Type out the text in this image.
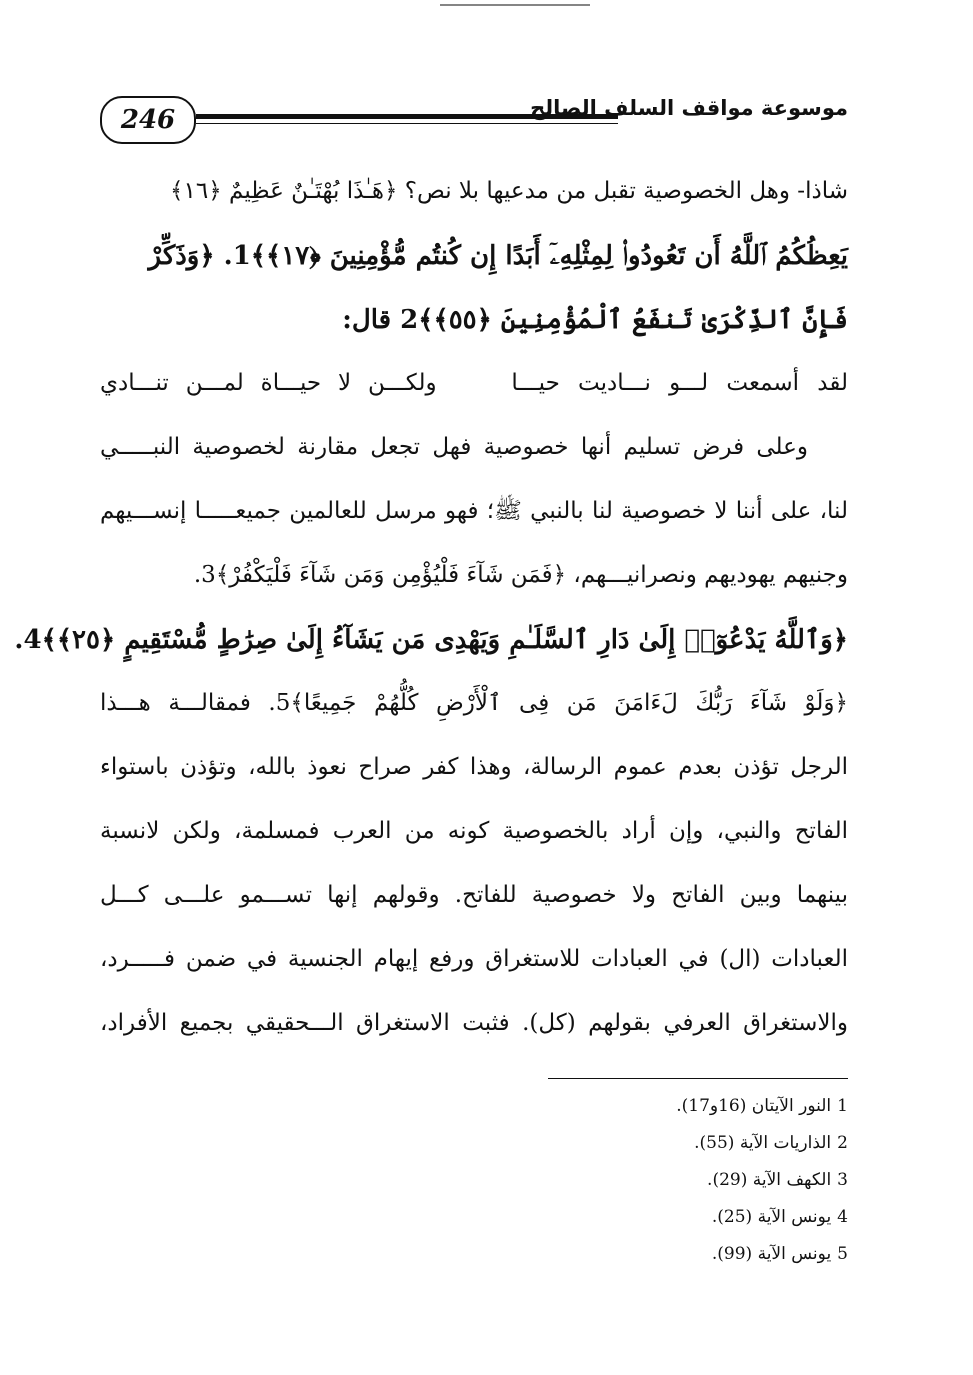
246	موسوعة مواقف السلف الصالح
شاذا- وهل الخصوصية تقبل من مدعيها بلا نص؟ ﴿هَـٰذَا بُهْتَـٰنٌ عَظِيمٌ ﴿١٦﴾
يَعِظُكُمُ ٱللَّهُ أَن تَعُودُوا۟ لِمِثْلِهِۦٓ أَبَدًا إِن كُنتُم مُّؤْمِنِينَ ﴿١٧﴾﴾1. ﴿وَذَكِّرْ
فَإِنَّ ٱلذِّكْرَىٰ تَنفَعُ ٱلْمُؤْمِنِينَ ﴿٥٥﴾﴾2 قال:
لقد أسمعت لـــو نـــاديت حيـــا
ولكـــن لا حيـــاة لمـــن تنـــادي
وعلى فرض تسليم أنها خصوصية فهل تجعل مقارنة لخصوصية النبـــــي
لنا، على أننا لا خصوصية لنا بالنبي ﷺ؛ فهو مرسل للعالمين جميعـــــا إنســـيهم
وجنيهم يهوديهم ونصرانيـــهم، ﴿فَمَن شَآءَ فَلْيُؤْمِن وَمَن شَآءَ فَلْيَكْفُرْ﴾3.
﴿وَٱللَّهُ يَدْعُوٓا۟ إِلَىٰ دَارِ ٱلسَّلَـٰمِ وَيَهْدِى مَن يَشَآءُ إِلَىٰ صِرَٰطٍ مُّسْتَقِيمٍ ﴿٢٥﴾﴾4.
﴿وَلَوْ شَآءَ رَبُّكَ لَءَامَنَ مَن فِى ٱلْأَرْضِ كُلُّهُمْ جَمِيعًا﴾5. فمقالـــة هـــذا
الرجل تؤذن بعدم عموم الرسالة، وهذا كفر صراح نعوذ بالله، وتؤذن باستواء
الفاتح والنبي، وإن أراد بالخصوصية كونه من العرب فمسلمة، ولكن لانسبة
بينهما وبين الفاتح ولا خصوصية للفاتح. وقولهم إنها تســـمو علـــى كـــل
العبادات (ال) في العبادات للاستغراق ورفع إيهام الجنسية في ضمن فـــــرد،
والاستغراق العرفي بقولهم (كل). فثبت الاستغراق الـــحقيقي بجميع الأفراد،
1النور الآيتان (16و17).
2الذاريات الآية (55).
3الكهف الآية (29).
4يونس الآية (25).
5يونس الآية (99).
